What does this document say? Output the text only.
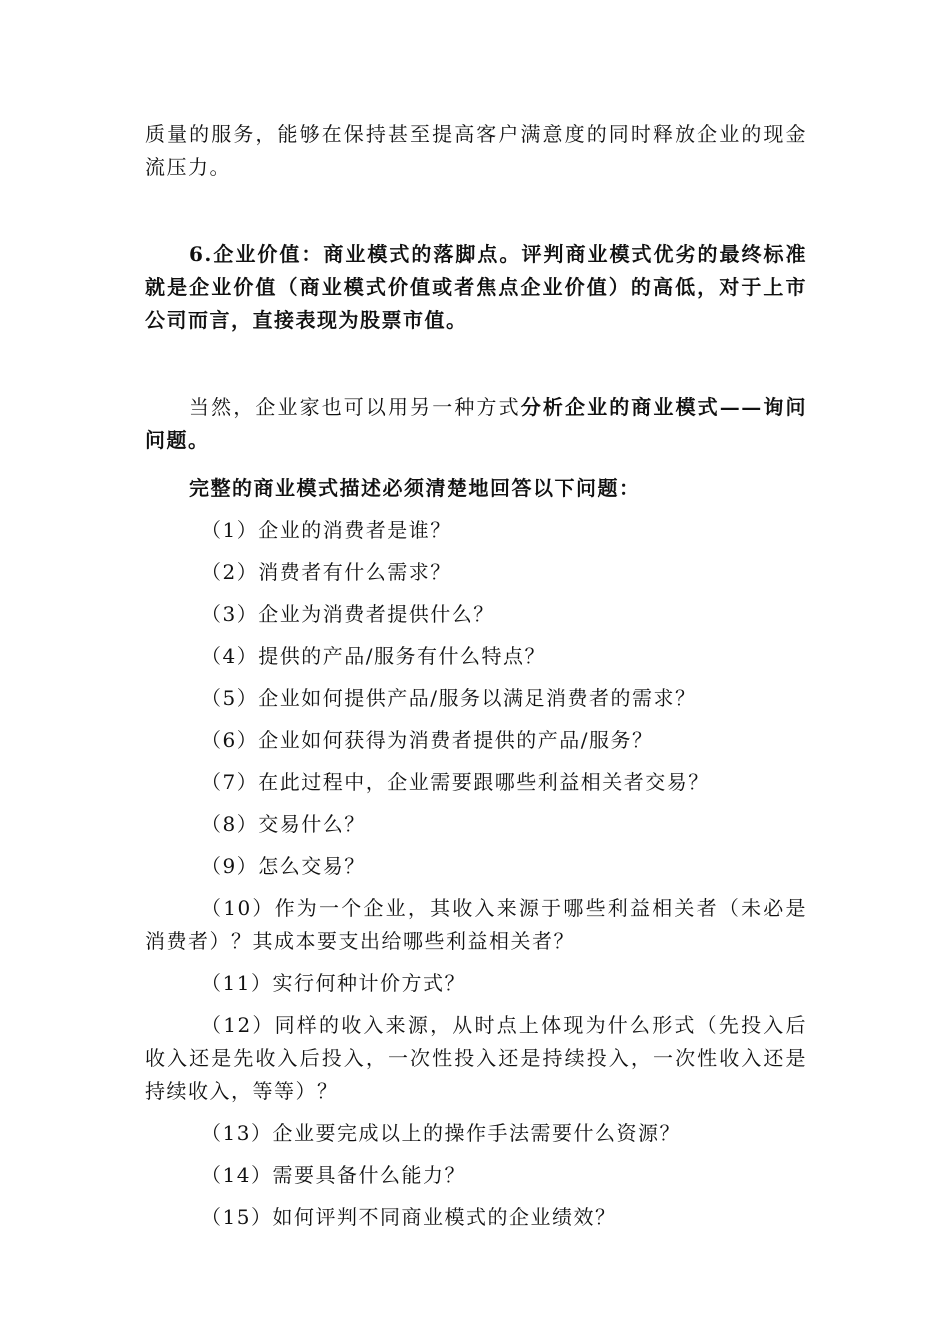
质量的服务，能够在保持甚至提高客户满意度的同时释放企业的现金流压力。

6.企业价值：商业模式的落脚点。评判商业模式优劣的最终标准就是企业价值（商业模式价值或者焦点企业价值）的高低，对于上市公司而言，直接表现为股票市值。

当然，企业家也可以用另一种方式分析企业的商业模式——询问问题。

完整的商业模式描述必须清楚地回答以下问题：

（1）企业的消费者是谁？

（2）消费者有什么需求？

（3）企业为消费者提供什么？

（4）提供的产品/服务有什么特点？

（5）企业如何提供产品/服务以满足消费者的需求？

（6）企业如何获得为消费者提供的产品/服务？

（7）在此过程中，企业需要跟哪些利益相关者交易？

（8）交易什么？

（9）怎么交易？

（10）作为一个企业，其收入来源于哪些利益相关者（未必是消费者）？其成本要支出给哪些利益相关者？

（11）实行何种计价方式？

（12）同样的收入来源，从时点上体现为什么形式（先投入后收入还是先收入后投入，一次性投入还是持续投入，一次性收入还是持续收入，等等）？

（13）企业要完成以上的操作手法需要什么资源？

（14）需要具备什么能力？

（15）如何评判不同商业模式的企业绩效？
